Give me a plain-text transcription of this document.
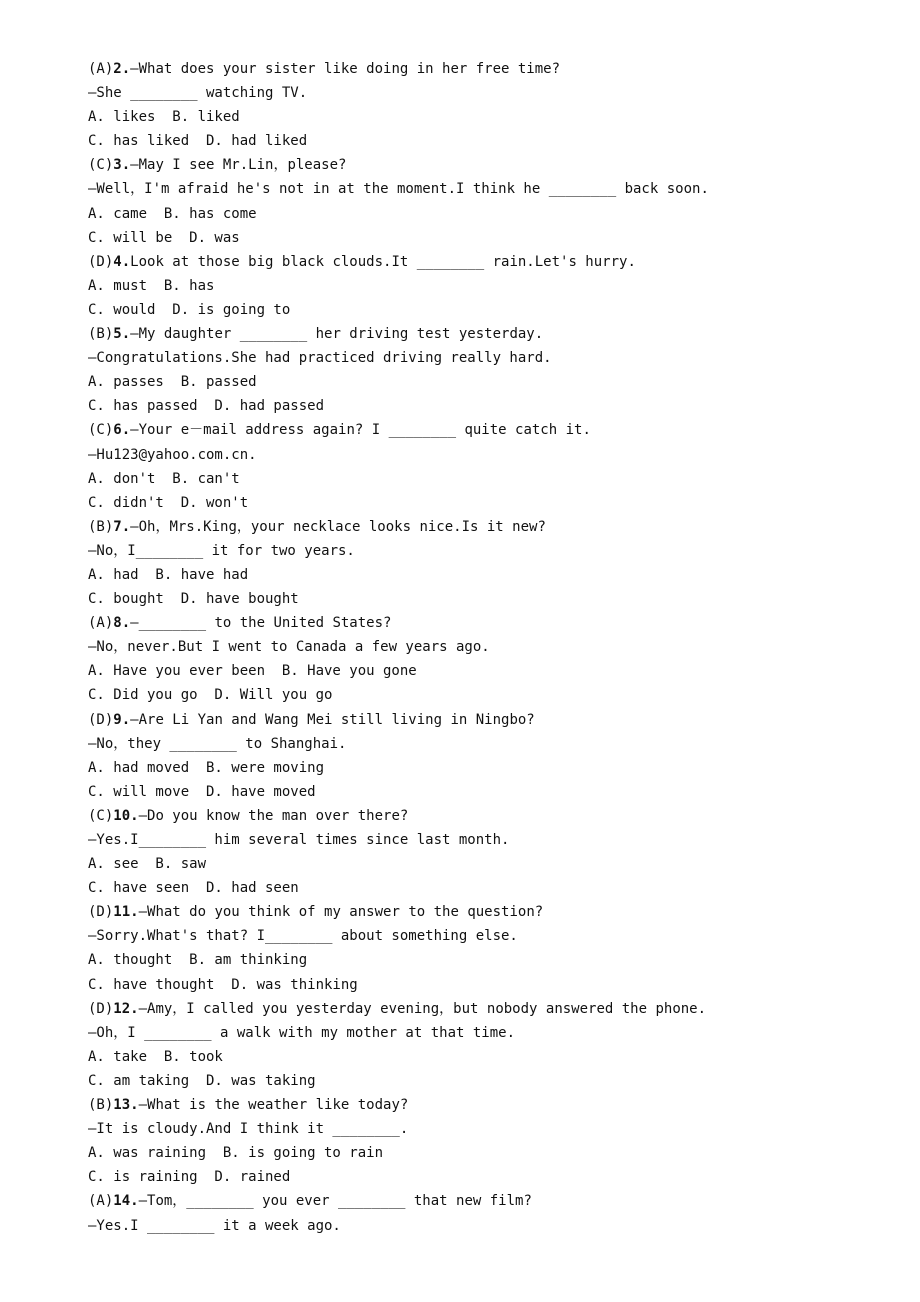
(A)2.—What does your sister like doing in her free time?
—She ________ watching TV.
A. likes  B. liked
C. has liked  D. had liked
(C)3.—May I see Mr.Lin，please?
—Well，I'm afraid he's not in at the moment.I think he ________ back soon.
A. came  B. has come
C. will be  D. was
(D)4.Look at those big black clouds.It ________ rain.Let's hurry.
A. must  B. has
C. would  D. is going to
(B)5.—My daughter ________ her driving test yesterday.
—Congratulations.She had practiced driving really hard.
A. passes  B. passed
C. has passed  D. had passed
(C)6.—Your e－mail address again? I ________ quite catch it.
—Hu123@yahoo.com.cn.
A. don't  B. can't
C. didn't  D. won't
(B)7.—Oh，Mrs.King，your necklace looks nice.Is it new?
—No，I________ it for two years.
A. had  B. have had
C. bought  D. have bought
(A)8.—________ to the United States?
—No，never.But I went to Canada a few years ago.
A. Have you ever been  B. Have you gone
C. Did you go  D. Will you go
(D)9.—Are Li Yan and Wang Mei still living in Ningbo?
—No，they ________ to Shanghai.
A. had moved  B. were moving
C. will move  D. have moved
(C)10.—Do you know the man over there?
—Yes.I________ him several times since last month.
A. see  B. saw
C. have seen  D. had seen
(D)11.—What do you think of my answer to the question?
—Sorry.What's that? I________ about something else.
A. thought  B. am thinking
C. have thought  D. was thinking
(D)12.—Amy，I called you yesterday evening，but nobody answered the phone.
—Oh，I ________ a walk with my mother at that time.
A. take  B. took
C. am taking  D. was taking
(B)13.—What is the weather like today?
—It is cloudy.And I think it ________.
A. was raining  B. is going to rain
C. is raining  D. rained
(A)14.—Tom，________ you ever ________ that new film?
—Yes.I ________ it a week ago.
